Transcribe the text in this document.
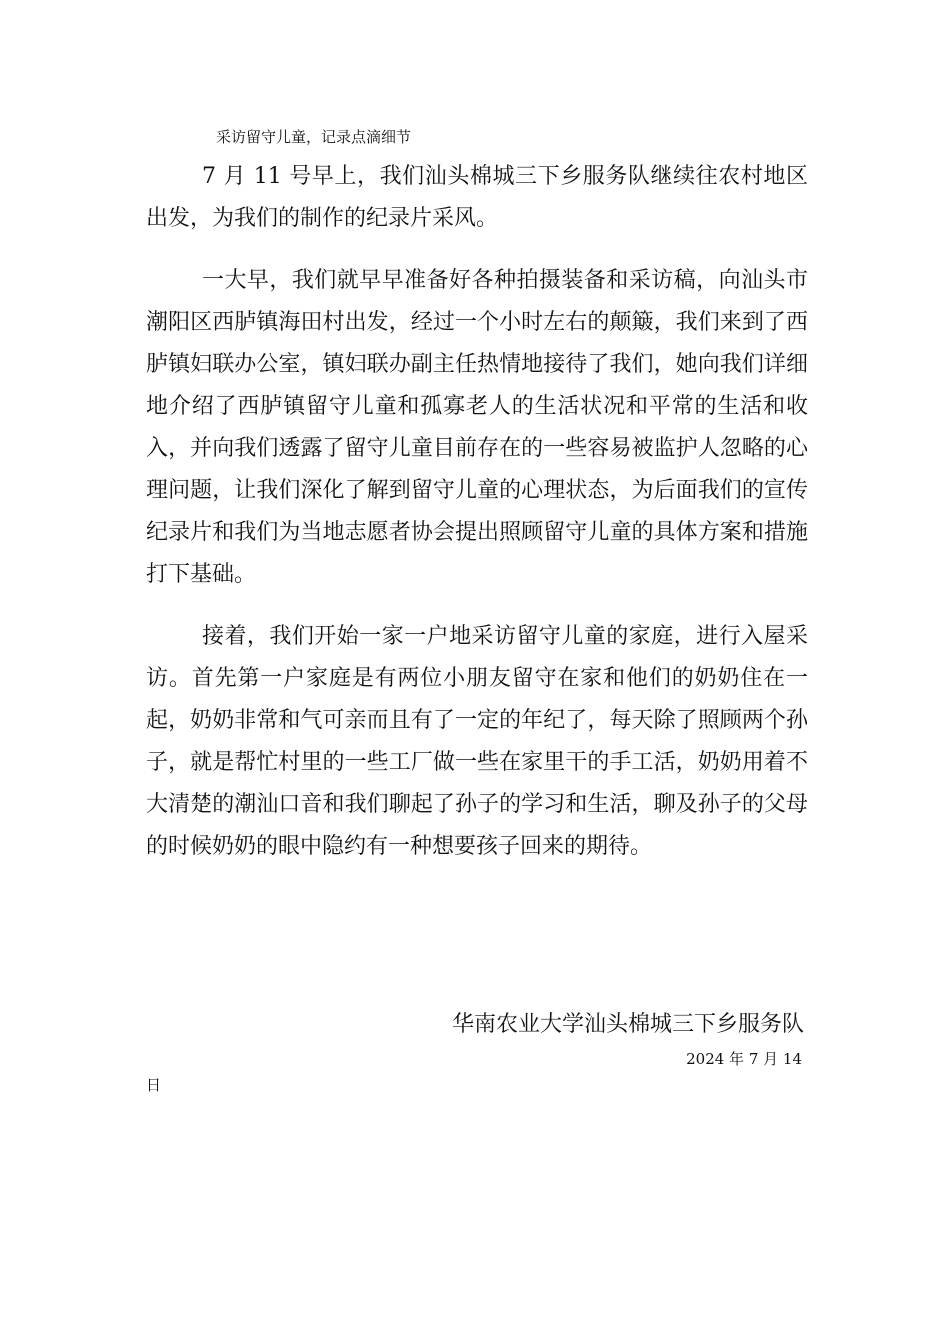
采访留守儿童，记录点滴细节

7 月 11 号早上，我们汕头棉城三下乡服务队继续往农村地区出发，为我们的制作的纪录片采风。

一大早，我们就早早准备好各种拍摄装备和采访稿，向汕头市潮阳区西胪镇海田村出发，经过一个小时左右的颠簸，我们来到了西胪镇妇联办公室，镇妇联办副主任热情地接待了我们，她向我们详细地介绍了西胪镇留守儿童和孤寡老人的生活状况和平常的生活和收入，并向我们透露了留守儿童目前存在的一些容易被监护人忽略的心理问题，让我们深化了解到留守儿童的心理状态，为后面我们的宣传纪录片和我们为当地志愿者协会提出照顾留守儿童的具体方案和措施打下基础。

接着，我们开始一家一户地采访留守儿童的家庭，进行入屋采访。首先第一户家庭是有两位小朋友留守在家和他们的奶奶住在一起，奶奶非常和气可亲而且有了一定的年纪了，每天除了照顾两个孙子，就是帮忙村里的一些工厂做一些在家里干的手工活，奶奶用着不大清楚的潮汕口音和我们聊起了孙子的学习和生活，聊及孙子的父母的时候奶奶的眼中隐约有一种想要孩子回来的期待。

华南农业大学汕头棉城三下乡服务队
2024 年 7 月 14
日
